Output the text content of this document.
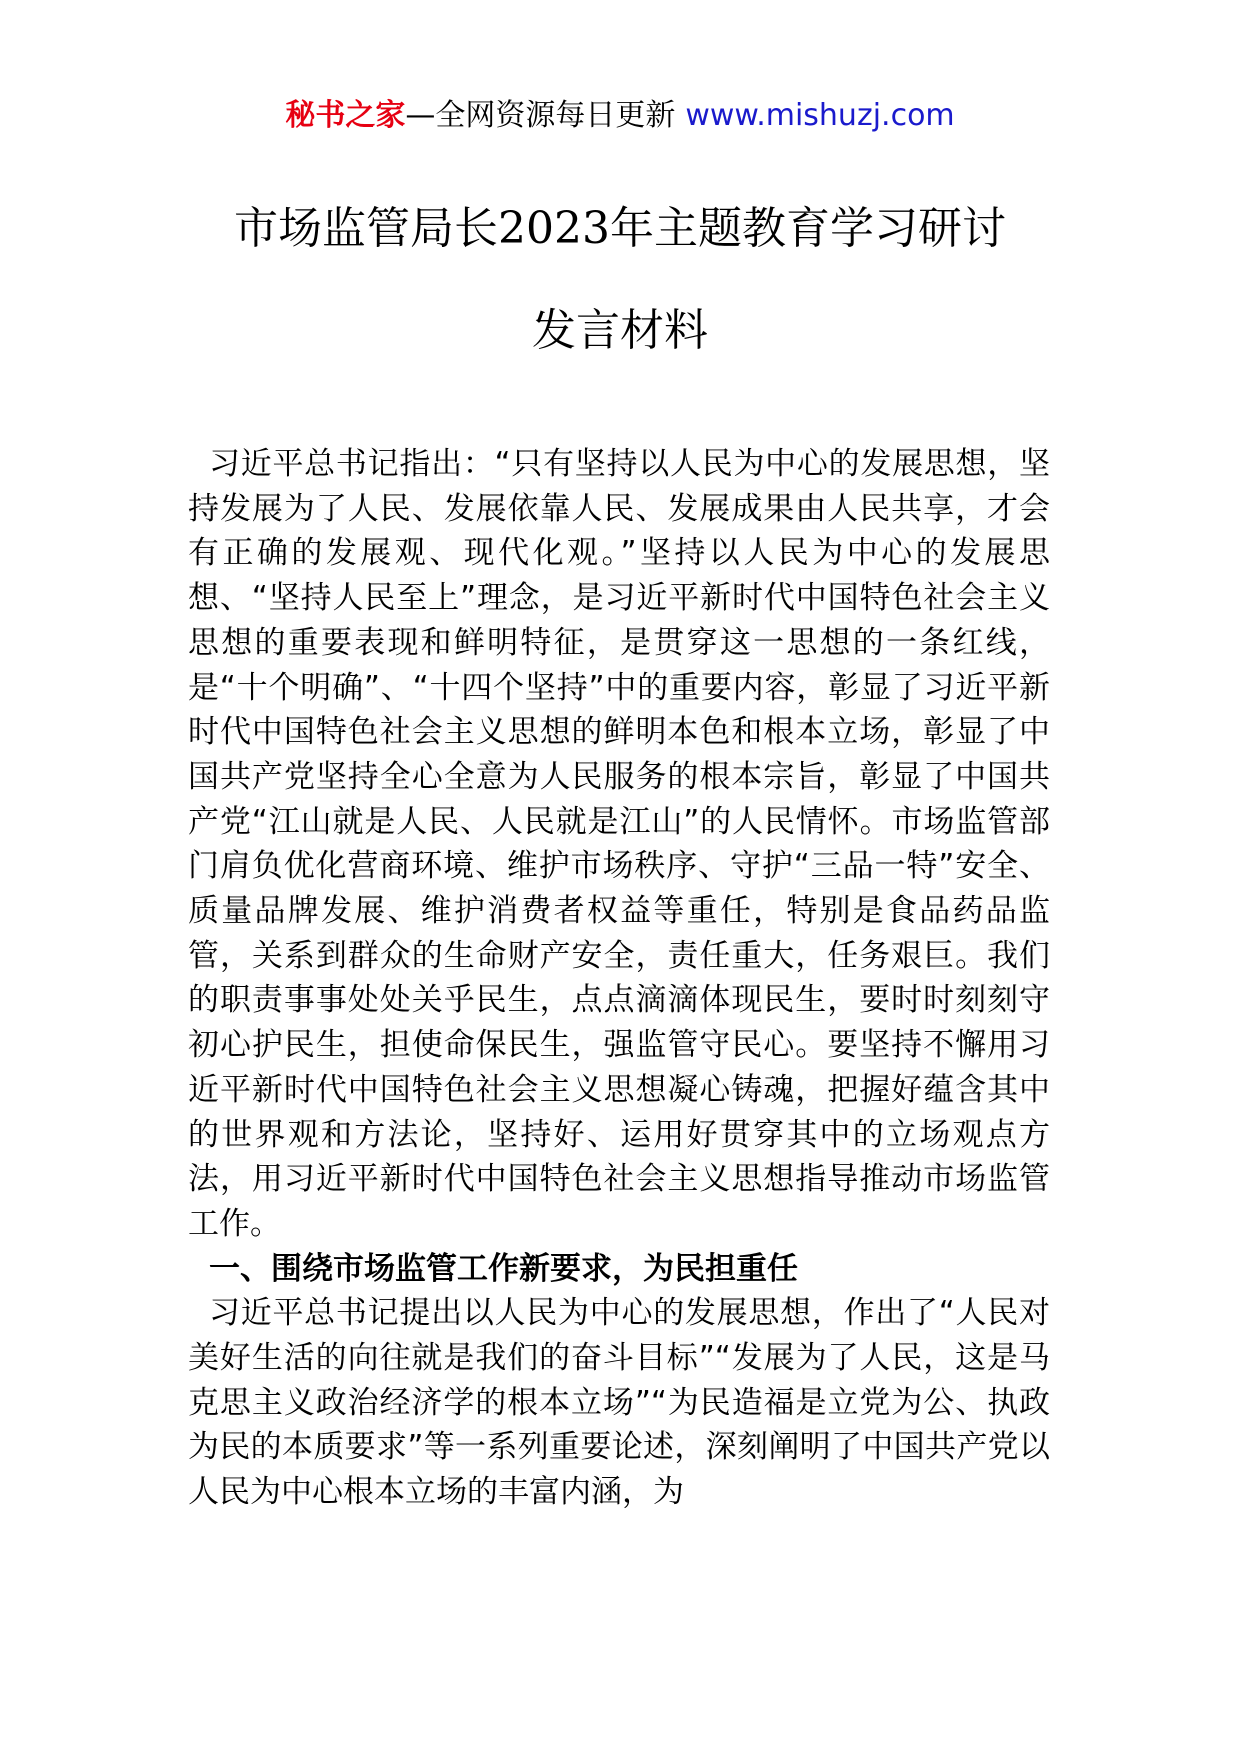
秘书之家—全网资源每日更新 www.mishuzj.com
市场监管局长2023年主题教育学习研讨
发言材料

习近平总书记指出：“只有坚持以人民为中心的发展思想，坚持发展为了人民、发展依靠人民、发展成果由人民共享，才会有正确的发展观、现代化观。”坚持以人民为中心的发展思想、“坚持人民至上”理念，是习近平新时代中国特色社会主义思想的重要表现和鲜明特征，是贯穿这一思想的一条红线，是“十个明确”、“十四个坚持”中的重要内容，彰显了习近平新时代中国特色社会主义思想的鲜明本色和根本立场，彰显了中国共产党坚持全心全意为人民服务的根本宗旨，彰显了中国共产党“江山就是人民、人民就是江山”的人民情怀。市场监管部门肩负优化营商环境、维护市场秩序、守护“三品一特”安全、质量品牌发展、维护消费者权益等重任，特别是食品药品监管，关系到群众的生命财产安全，责任重大，任务艰巨。我们的职责事事处处关乎民生，点点滴滴体现民生，要时时刻刻守初心护民生，担使命保民生，强监管守民心。要坚持不懈用习近平新时代中国特色社会主义思想凝心铸魂，把握好蕴含其中的世界观和方法论，坚持好、运用好贯穿其中的立场观点方法，用习近平新时代中国特色社会主义思想指导推动市场监管工作。

一、围绕市场监管工作新要求，为民担重任

习近平总书记提出以人民为中心的发展思想，作出了“人民对美好生活的向往就是我们的奋斗目标”“发展为了人民，这是马克思主义政治经济学的根本立场”“为民造福是立党为公、执政为民的本质要求”等一系列重要论述，深刻阐明了中国共产党以人民为中心根本立场的丰富内涵，为
